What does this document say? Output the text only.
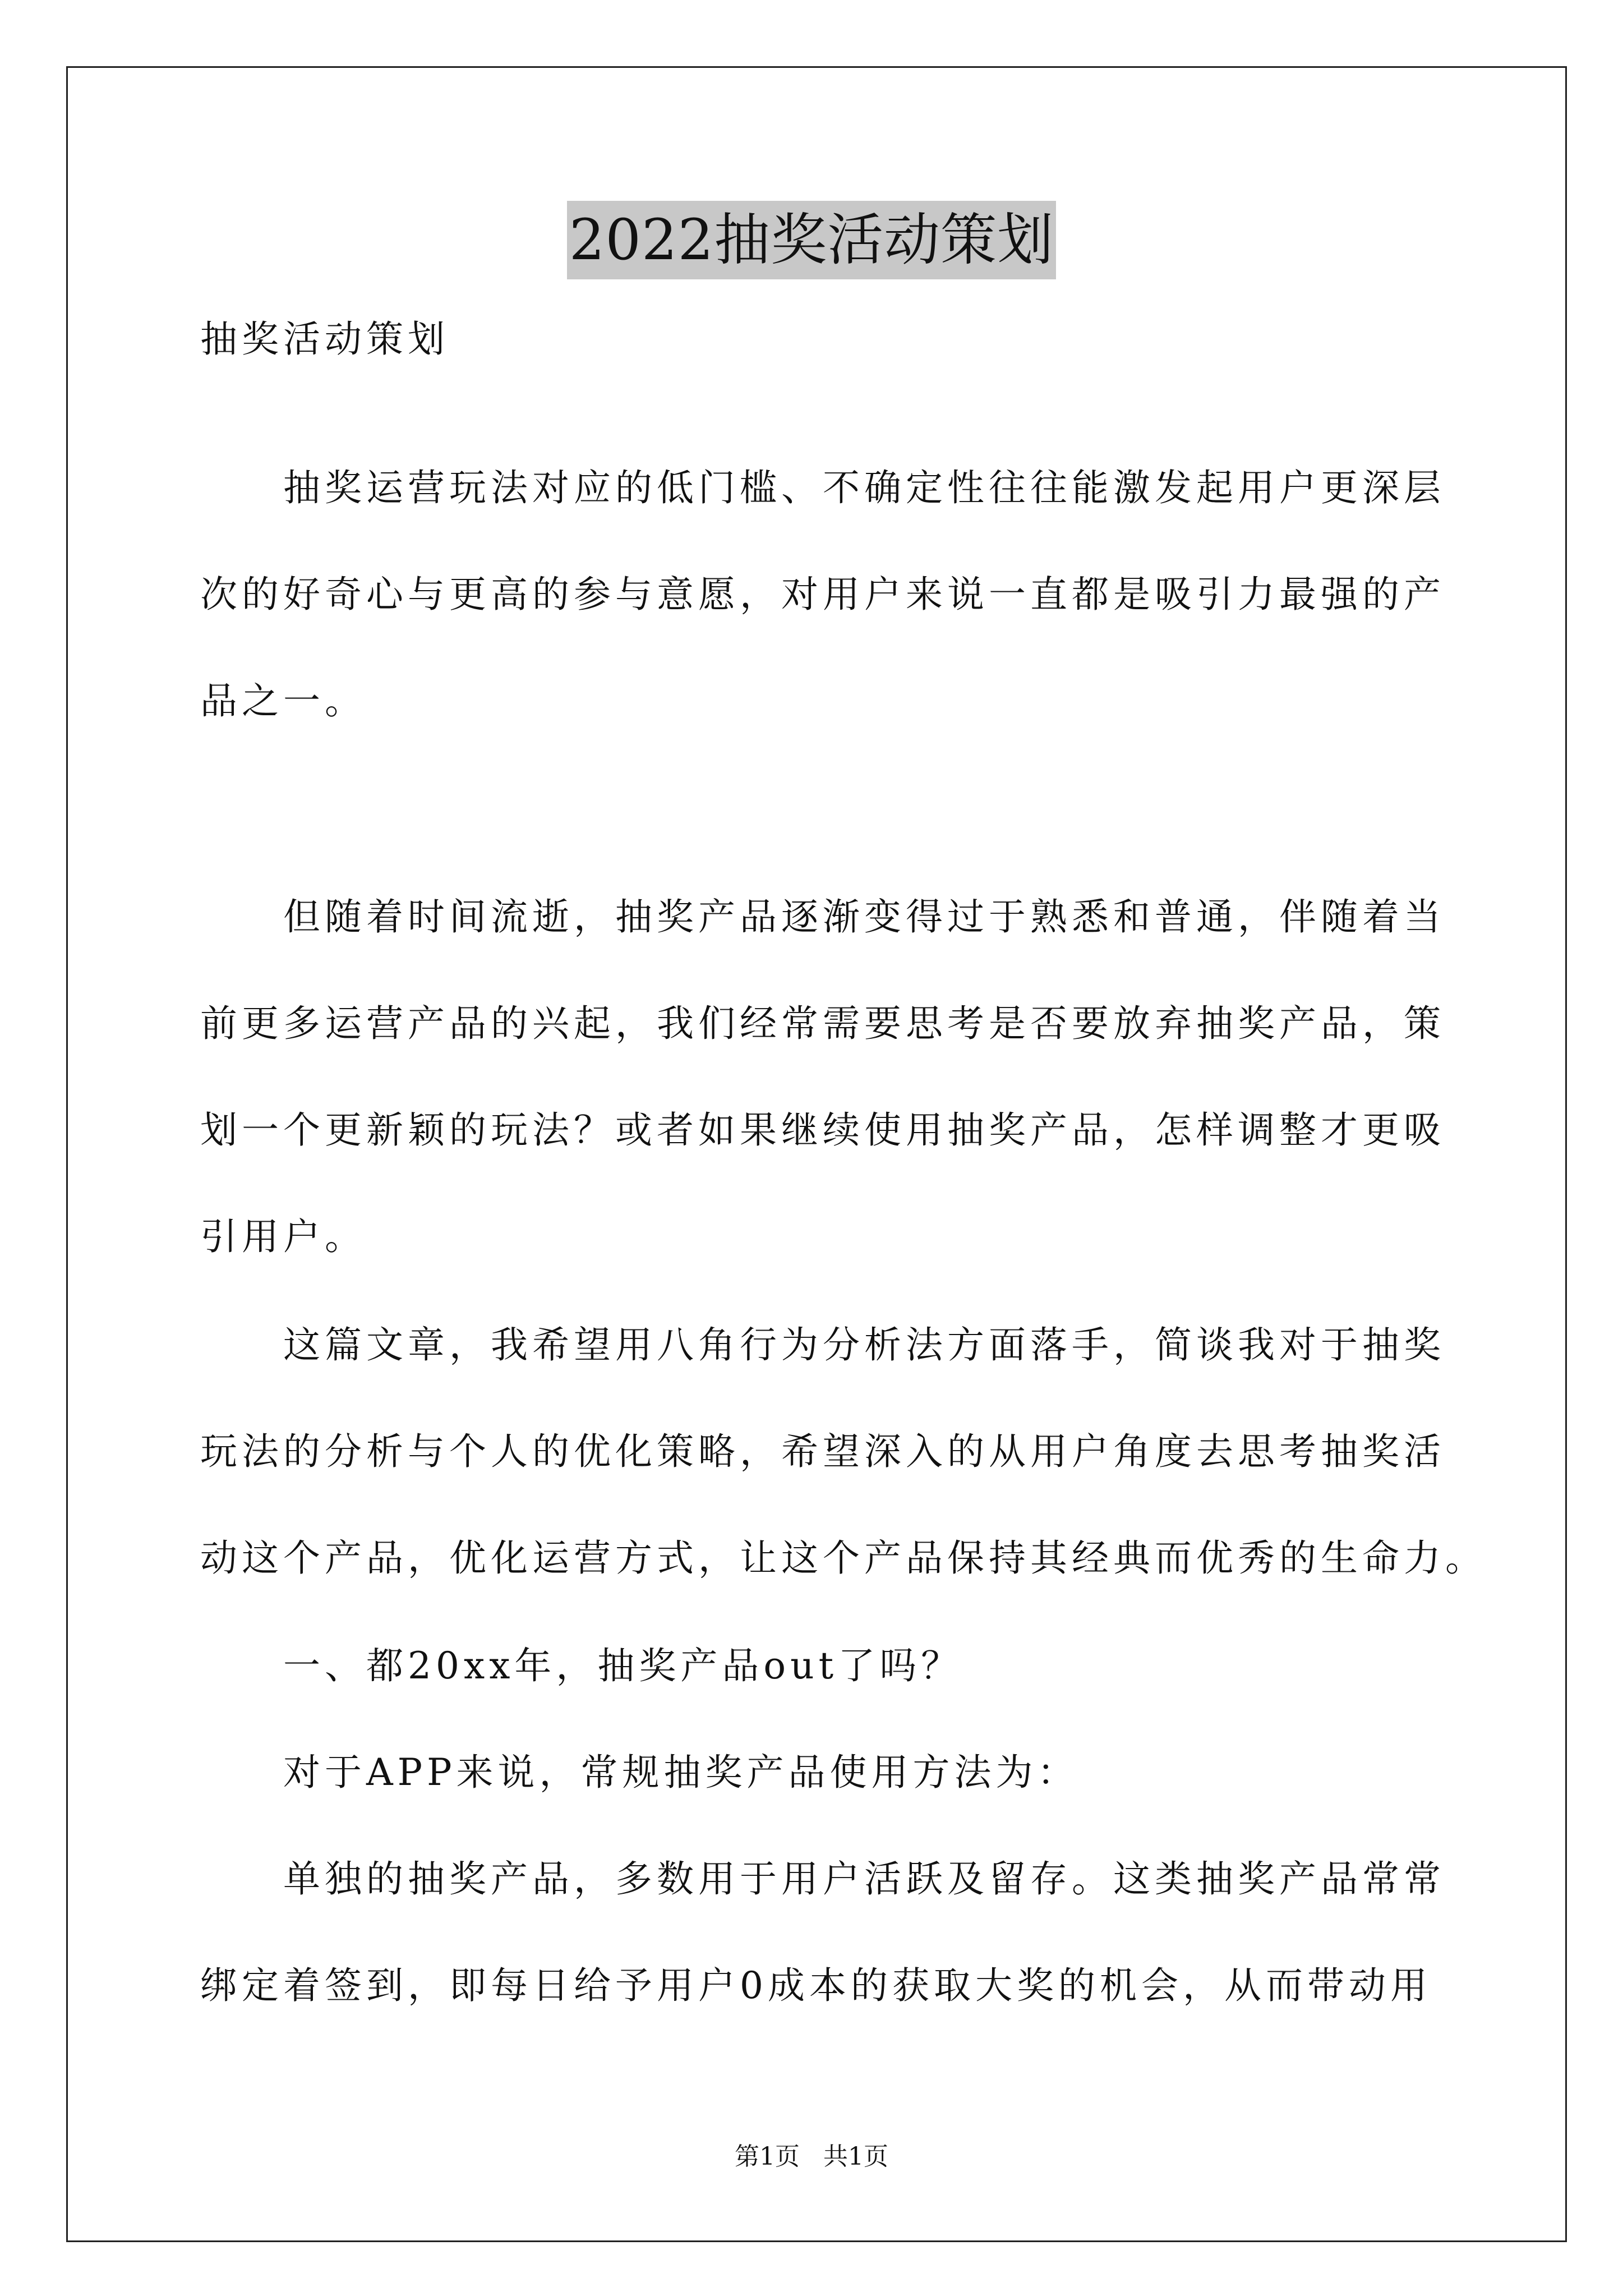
2022抽奖活动策划
抽奖活动策划
抽奖运营玩法对应的低门槛、不确定性往往能激发起用户更深层
次的好奇心与更高的参与意愿，对用户来说一直都是吸引力最强的产
品之一。
但随着时间流逝，抽奖产品逐渐变得过于熟悉和普通，伴随着当
前更多运营产品的兴起，我们经常需要思考是否要放弃抽奖产品，策
划一个更新颖的玩法？或者如果继续使用抽奖产品，怎样调整才更吸
引用户。
这篇文章，我希望用八角行为分析法方面落手，简谈我对于抽奖
玩法的分析与个人的优化策略，希望深入的从用户角度去思考抽奖活
动这个产品，优化运营方式，让这个产品保持其经典而优秀的生命力。
一、都20xx年，抽奖产品out了吗？
对于APP来说，常规抽奖产品使用方法为：
单独的抽奖产品，多数用于用户活跃及留存。这类抽奖产品常常
绑定着签到，即每日给予用户0成本的获取大奖的机会，从而带动用
第1页   共1页
